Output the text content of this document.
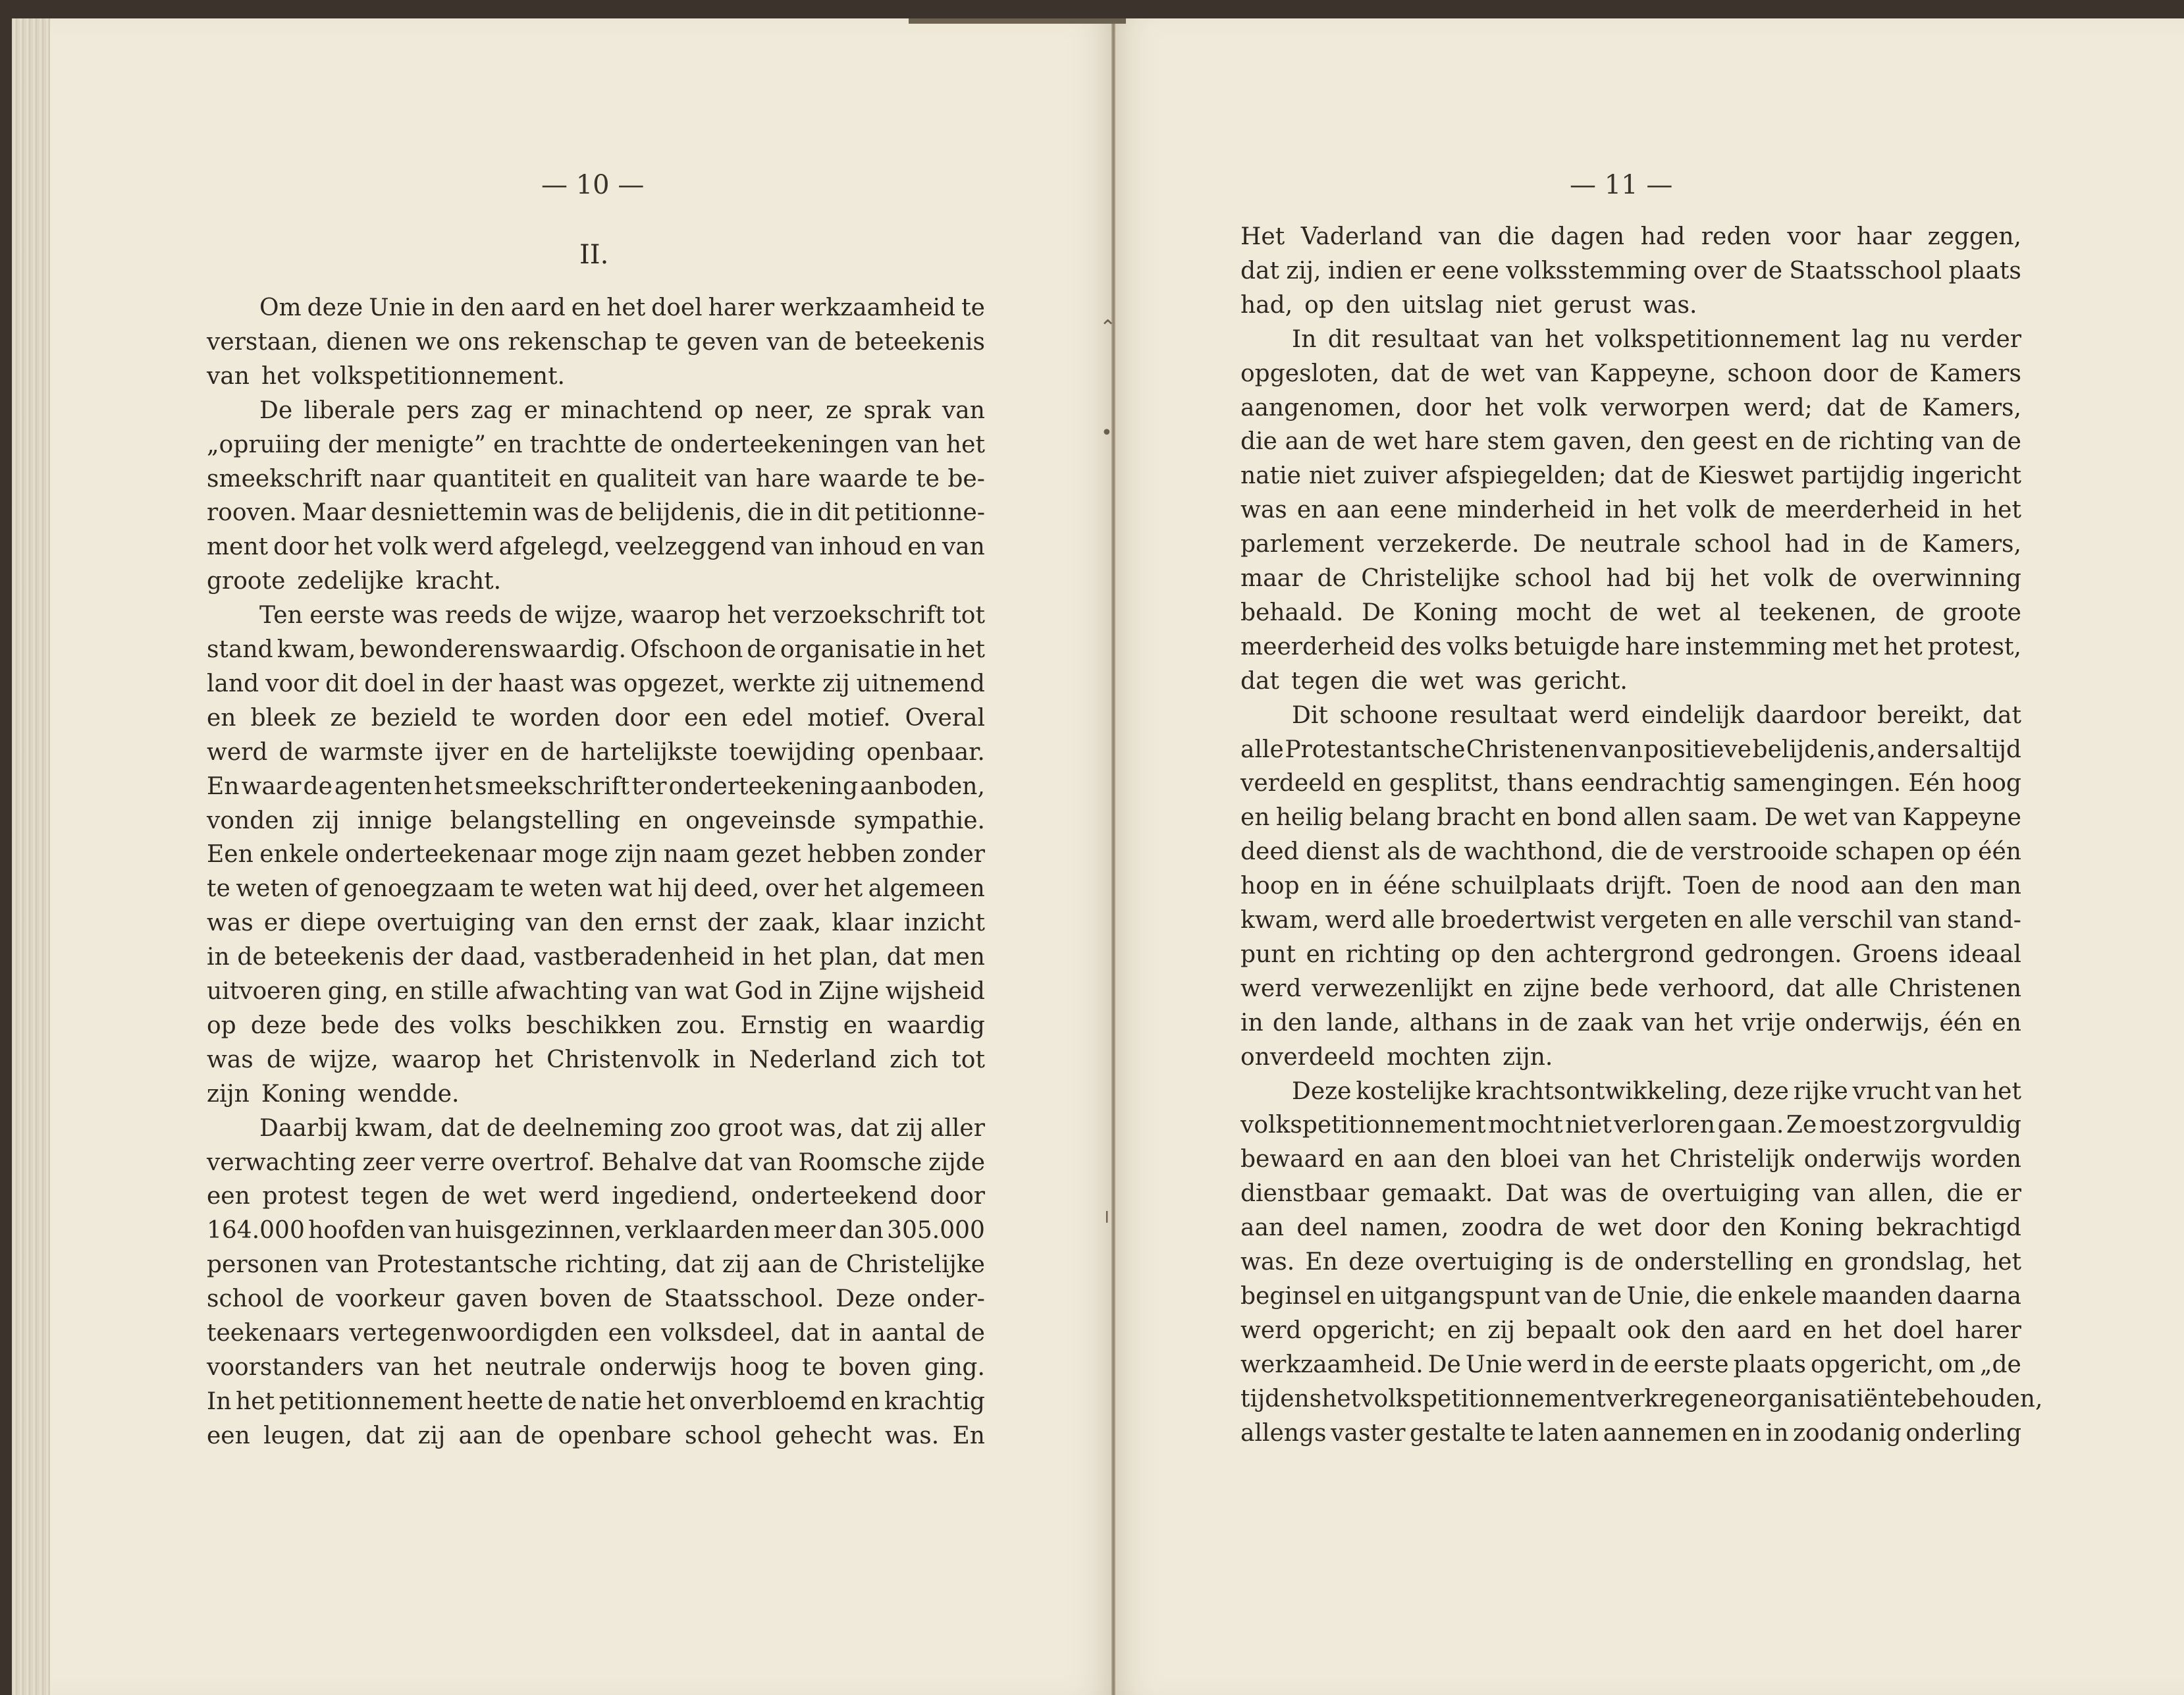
— 10 —
II.
— 11 —
⌃
•
╵
Om deze Unie in den aard en het doel harer werkzaamheid te
verstaan, dienen we ons rekenschap te geven van de beteekenis
van het volkspetitionnement.
De liberale pers zag er minachtend op neer, ze sprak van
„opruiing der menigte” en trachtte de onderteekeningen van het
smeekschrift naar quantiteit en qualiteit van hare waarde te be-
rooven. Maar desniettemin was de belijdenis, die in dit petitionne-
ment door het volk werd afgelegd, veelzeggend van inhoud en van
groote zedelijke kracht.
Ten eerste was reeds de wijze, waarop het verzoekschrift tot
stand kwam, bewonderenswaardig. Ofschoon de organisatie in het
land voor dit doel in der haast was opgezet, werkte zij uitnemend
en bleek ze bezield te worden door een edel motief. Overal
werd de warmste ijver en de hartelijkste toewijding openbaar.
En waar de agenten het smeekschrift ter onderteekening aanboden,
vonden zij innige belangstelling en ongeveinsde sympathie.
Een enkele onderteekenaar moge zijn naam gezet hebben zonder
te weten of genoegzaam te weten wat hij deed, over het algemeen
was er diepe overtuiging van den ernst der zaak, klaar inzicht
in de beteekenis der daad, vastberadenheid in het plan, dat men
uitvoeren ging, en stille afwachting van wat God in Zijne wijsheid
op deze bede des volks beschikken zou. Ernstig en waardig
was de wijze, waarop het Christenvolk in Nederland zich tot
zijn Koning wendde.
Daarbij kwam, dat de deelneming zoo groot was, dat zij aller
verwachting zeer verre overtrof. Behalve dat van Roomsche zijde
een protest tegen de wet werd ingediend, onderteekend door
164.000 hoofden van huisgezinnen, verklaarden meer dan 305.000
personen van Protestantsche richting, dat zij aan de Christelijke
school de voorkeur gaven boven de Staatsschool. Deze onder-
teekenaars vertegenwoordigden een volksdeel, dat in aantal de
voorstanders van het neutrale onderwijs hoog te boven ging.
In het petitionnement heette de natie het onverbloemd en krachtig
een leugen, dat zij aan de openbare school gehecht was. En
Het Vaderland van die dagen had reden voor haar zeggen,
dat zij, indien er eene volksstemming over de Staatsschool plaats
had, op den uitslag niet gerust was.
In dit resultaat van het volkspetitionnement lag nu verder
opgesloten, dat de wet van Kappeyne, schoon door de Kamers
aangenomen, door het volk verworpen werd; dat de Kamers,
die aan de wet hare stem gaven, den geest en de richting van de
natie niet zuiver afspiegelden; dat de Kieswet partijdig ingericht
was en aan eene minderheid in het volk de meerderheid in het
parlement verzekerde. De neutrale school had in de Kamers,
maar de Christelijke school had bij het volk de overwinning
behaald. De Koning mocht de wet al teekenen, de groote
meerderheid des volks betuigde hare instemming met het protest,
dat tegen die wet was gericht.
Dit schoone resultaat werd eindelijk daardoor bereikt, dat
alle Protestantsche Christenen van positieve belijdenis, anders altijd
verdeeld en gesplitst, thans eendrachtig samengingen. Eén hoog
en heilig belang bracht en bond allen saam. De wet van Kappeyne
deed dienst als de wachthond, die de verstrooide schapen op één
hoop en in ééne schuilplaats drijft. Toen de nood aan den man
kwam, werd alle broedertwist vergeten en alle verschil van stand-
punt en richting op den achtergrond gedrongen. Groens ideaal
werd verwezenlijkt en zijne bede verhoord, dat alle Christenen
in den lande, althans in de zaak van het vrije onderwijs, één en
onverdeeld mochten zijn.
Deze kostelijke krachtsontwikkeling, deze rijke vrucht van het
volkspetitionnement mocht niet verloren gaan. Ze moest zorgvuldig
bewaard en aan den bloei van het Christelijk onderwijs worden
dienstbaar gemaakt. Dat was de overtuiging van allen, die er
aan deel namen, zoodra de wet door den Koning bekrachtigd
was. En deze overtuiging is de onderstelling en grondslag, het
beginsel en uitgangspunt van de Unie, die enkele maanden daarna
werd opgericht; en zij bepaalt ook den aard en het doel harer
werkzaamheid. De Unie werd in de eerste plaats opgericht, om „de
tijdens het volkspetitionnement verkregene organisatiën te behouden,
allengs vaster gestalte te laten aannemen en in zoodanig onderling
